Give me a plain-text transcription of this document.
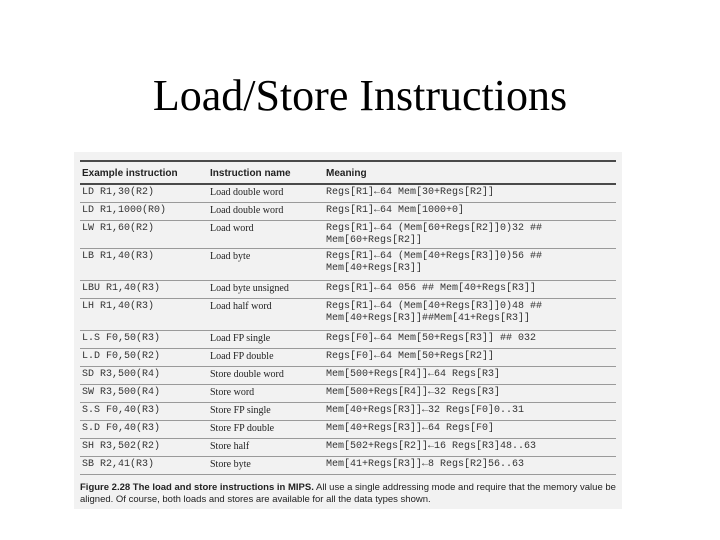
Load/Store Instructions
Example instruction	Instruction name	Meaning
LD R1,30(R2)	Load double word	Regs[R1]←64 Mem[30+Regs[R2]]
LD R1,1000(R0)	Load double word	Regs[R1]←64 Mem[1000+0]
LW R1,60(R2)	Load word	Regs[R1]←64 (Mem[60+Regs[R2]]0)32 ## Mem[60+Regs[R2]]
LB R1,40(R3)	Load byte	Regs[R1]←64 (Mem[40+Regs[R3]]0)56 ## Mem[40+Regs[R3]]
LBU R1,40(R3)	Load byte unsigned	Regs[R1]←64 056 ## Mem[40+Regs[R3]]
LH R1,40(R3)	Load half word	Regs[R1]←64 (Mem[40+Regs[R3]]0)48 ## Mem[40+Regs[R3]]##Mem[41+Regs[R3]]
L.S F0,50(R3)	Load FP single	Regs[F0]←64 Mem[50+Regs[R3]] ## 032
L.D F0,50(R2)	Load FP double	Regs[F0]←64 Mem[50+Regs[R2]]
SD R3,500(R4)	Store double word	Mem[500+Regs[R4]]←64 Regs[R3]
SW R3,500(R4)	Store word	Mem[500+Regs[R4]]←32 Regs[R3]
S.S F0,40(R3)	Store FP single	Mem[40+Regs[R3]]←32 Regs[F0]0..31
S.D F0,40(R3)	Store FP double	Mem[40+Regs[R3]]←64 Regs[F0]
SH R3,502(R2)	Store half	Mem[502+Regs[R2]]←16 Regs[R3]48..63
SB R2,41(R3)	Store byte	Mem[41+Regs[R3]]←8 Regs[R2]56..63
Figure 2.28 The load and store instructions in MIPS. All use a single addressing mode and require that the memory value be aligned. Of course, both loads and stores are available for all the data types shown.
